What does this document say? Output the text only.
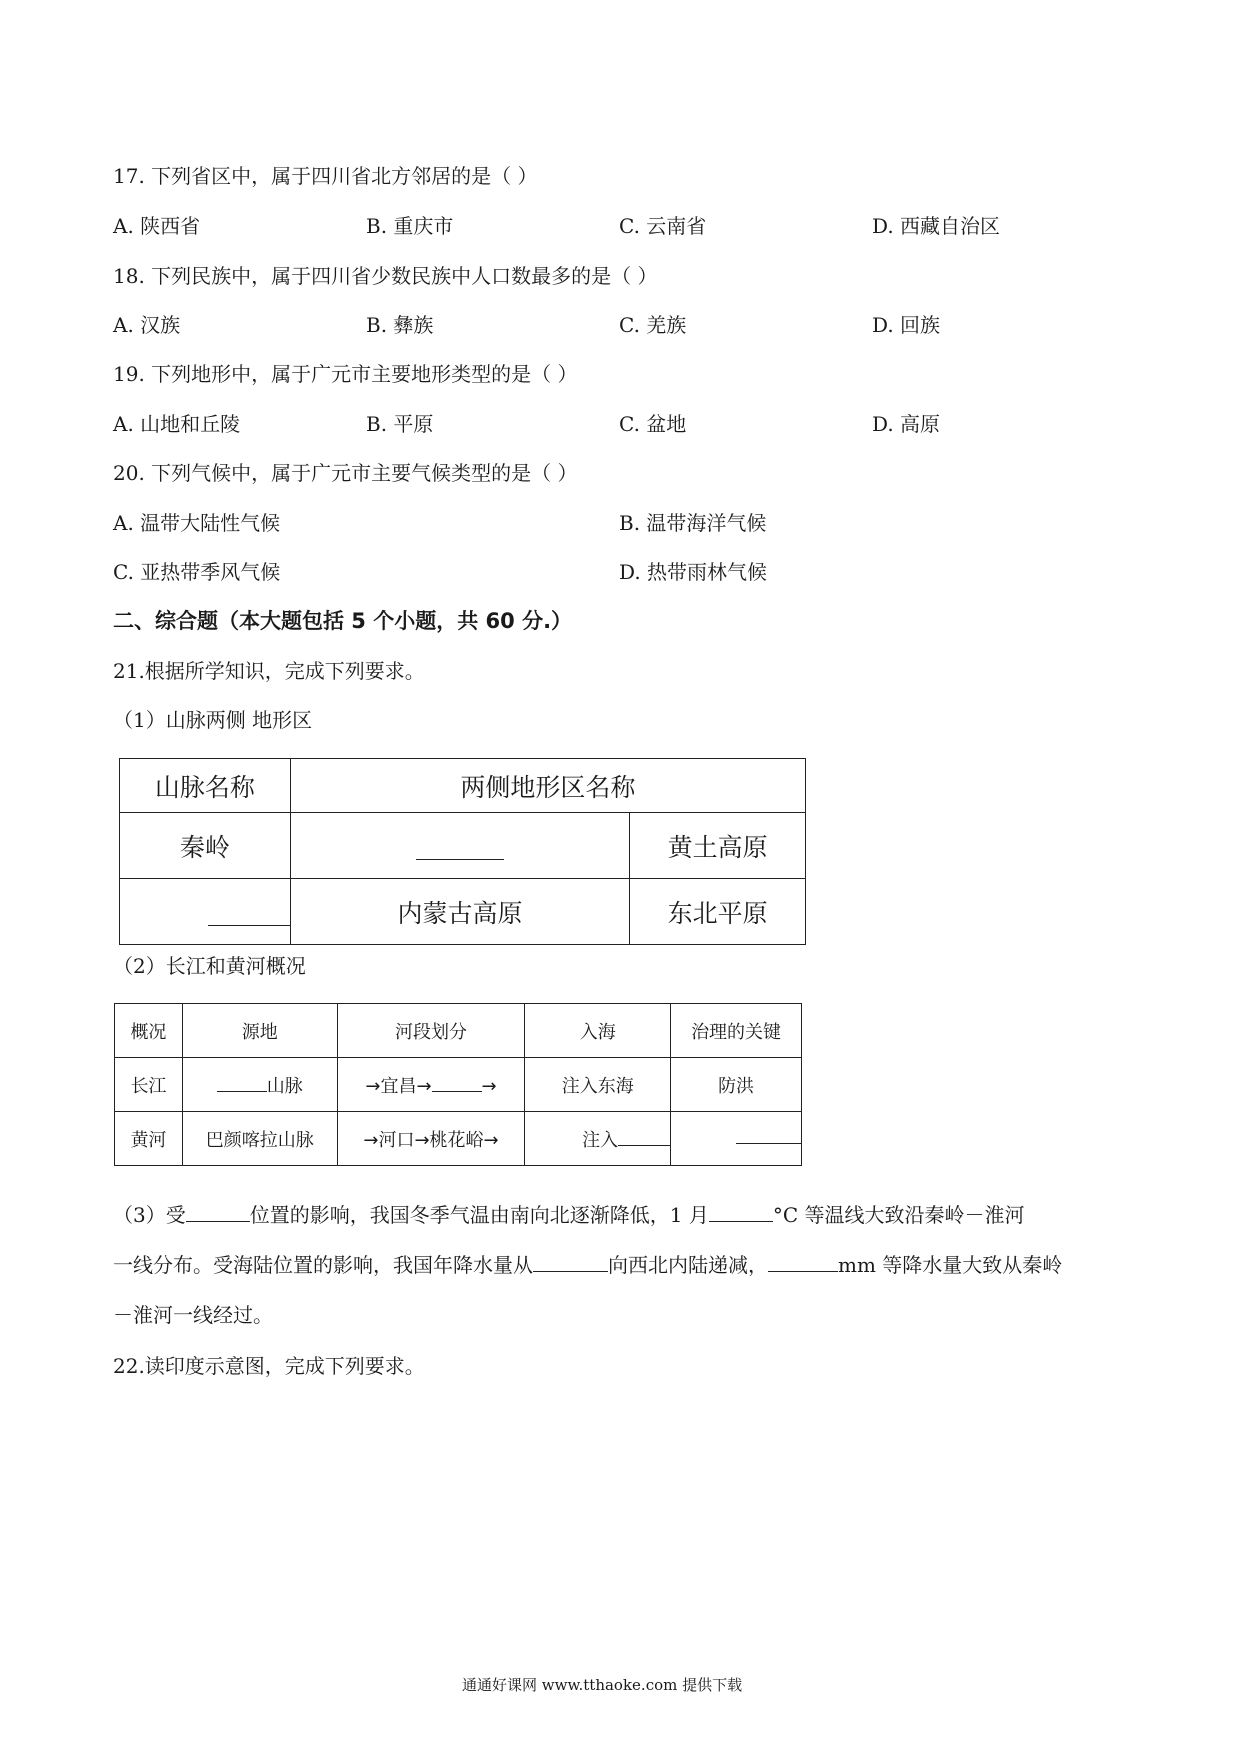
17. 下列省区中，属于四川省北方邻居的是（ ）
A. 陕西省	B. 重庆市	C. 云南省	D. 西藏自治区
18. 下列民族中，属于四川省少数民族中人口数最多的是（ ）
A. 汉族	B. 彝族	C. 羌族	D. 回族
19. 下列地形中，属于广元市主要地形类型的是（ ）
A. 山地和丘陵	B. 平原	C. 盆地	D. 高原
20. 下列气候中，属于广元市主要气候类型的是（ ）
A. 温带大陆性气候	B. 温带海洋气候
C. 亚热带季风气候	D. 热带雨林气候
二、综合题（本大题包括 5 个小题，共 60 分.）
21.根据所学知识，完成下列要求。
（1）山脉两侧 地形区
山脉名称	两侧地形区名称	
秦岭		黄土高原
	内蒙古高原	东北平原
（2）长江和黄河概况
概况	源地	河段划分	入海	治理的关键
长江	山脉	→宜昌→ →	注入东海	防洪
黄河	巴颜喀拉山脉	→河口→桃花峪→	注入	
（3）受	位置的影响，我国冬季气温由南向北逐渐降低，1 月	°C 等温线大致沿秦岭－淮河
一线分布。受海陆位置的影响，我国年降水量从	向西北内陆递减，	mm 等降水量大致从秦岭
－淮河一线经过。
22.读印度示意图，完成下列要求。
通通好课网 www.tthaoke.com 提供下载
